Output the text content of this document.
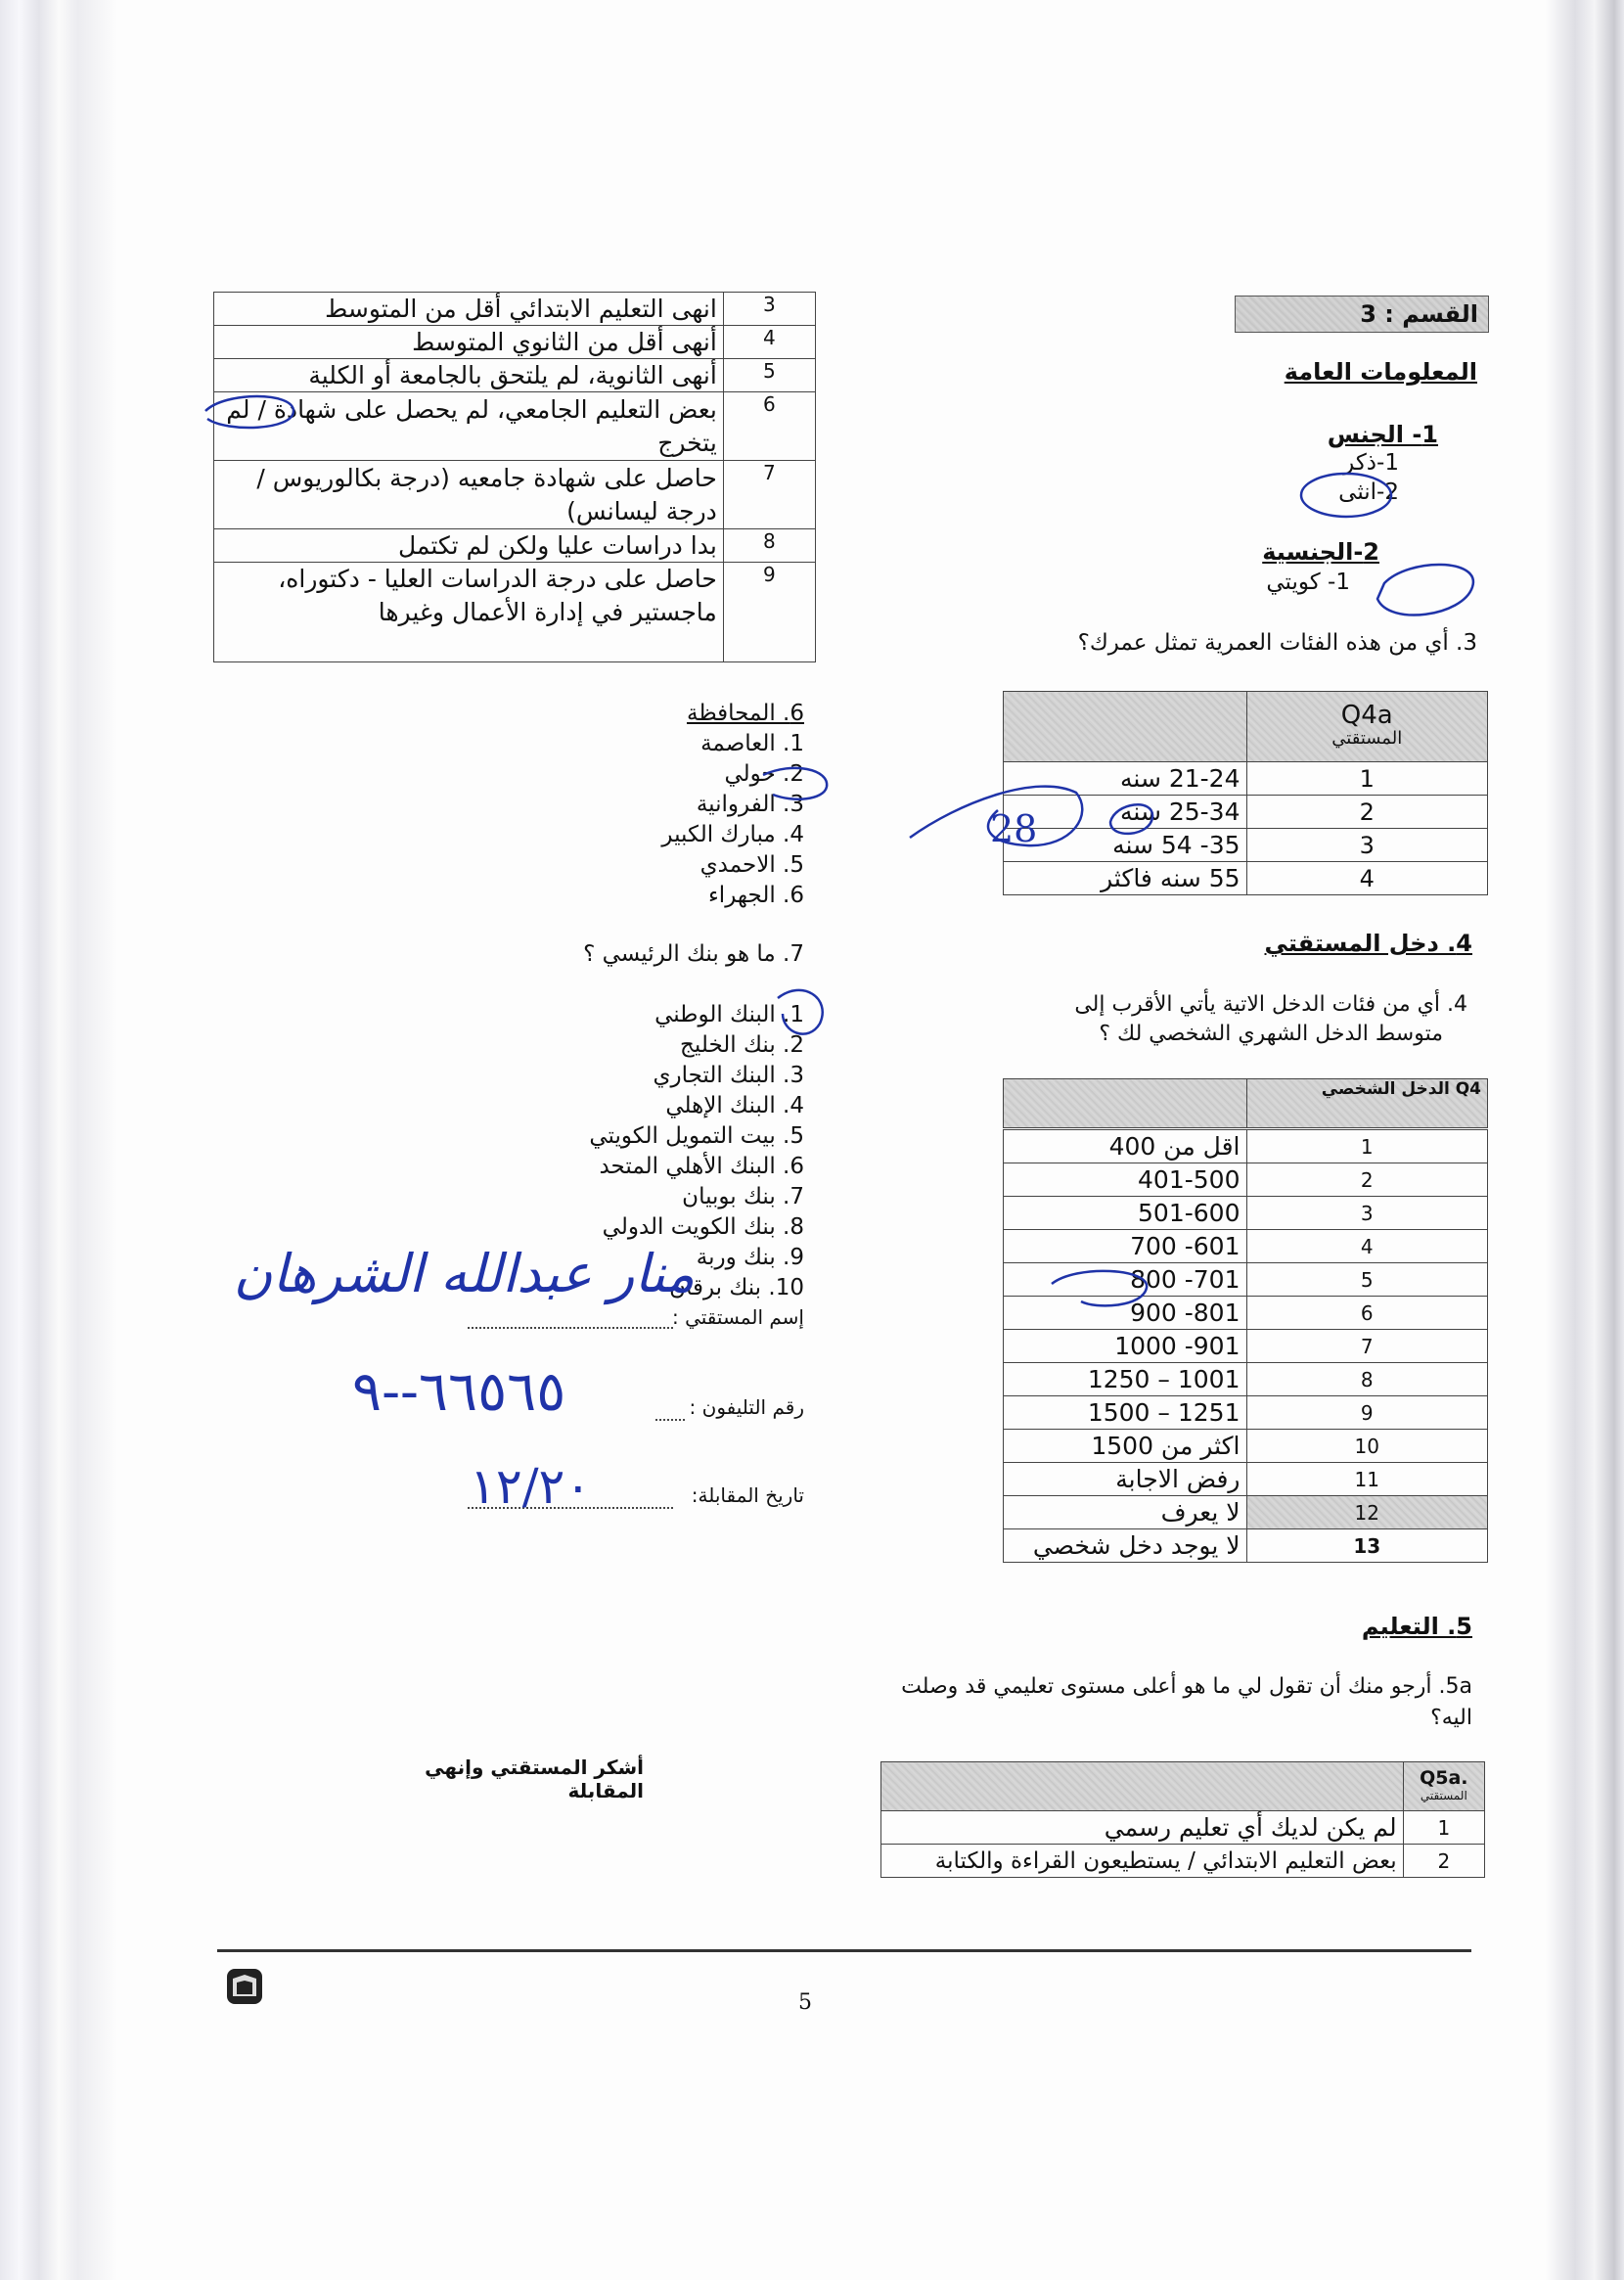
القسم : 3
المعلومات العامة
1- الجنس
1-ذكر
2-انثى
2-الجنسية
1- كويتي
3. أي من هذه الفئات العمرية تمثل عمرك؟

	Q4a
المستقتي

21-24 سنه	1
25-34 سنه	2
35- 54 سنه	3
55 سنه فاكثر	4
4. دخل المستقتي
4. أي من فئات الدخل الاتية يأتي الأقرب إلى
متوسط الدخل الشهري الشخصي لك ؟
	Q4 الدخل الشخصي
اقل من 400	1
401-500	2
501-600	3
601- 700	4
701- 800	5
801- 900	6
901- 1000	7
1001 – 1250	8
1251 – 1500	9
اكثر من 1500	10
رفض الاجابة	11
لا يعرف	12
لا يوجد دخل شخصي	13
5. التعليم
5a. أرجو منك أن تقول لي ما هو أعلى مستوى تعليمي قد وصلت
اليه؟

	Q5a.
المستقتي

لم يكن لديك أي تعليم رسمي	1
بعض التعليم الابتدائي / يستطيعون القراءة والكتابة	2
انهى التعليم الابتدائي أقل من المتوسط	3
أنهى أقل من الثانوي المتوسط	4
أنهى الثانوية، لم يلتحق بالجامعة أو الكلية	5
بعض التعليم الجامعي، لم يحصل على شهادة / لم يتخرج	6
حاصل على شهادة جامعيه (درجة بكالوريوس / درجة ليسانس)	7
بدا دراسات عليا ولكن لم تكتمل	8
حاصل على درجة الدراسات العليا - دكتوراه، ماجستير في إدارة الأعمال وغيرها	9
6. المحافظة
1. العاصمة
2. حولي
3. الفروانية
4. مبارك الكبير
5. الاحمدي
6. الجهراء
7. ما هو بنك الرئيسي ؟
1. البنك الوطني
2. بنك الخليج
3. البنك التجاري
4. البنك الإهلي
5. بيت التمويل الكويتي
6. البنك الأهلي المتحد
7. بنك بوبيان
8. بنك الكويت الدولي
9. بنك وربة
10. بنك برقان
إسم المستقتي :
منار عبدالله الشرهان
رقم التليفون :
٦٦٥٦٥--٩
تاريخ المقابلة:
١٢/٢٠
أشكر المستقتي وإنهي المقابلة
5
28
